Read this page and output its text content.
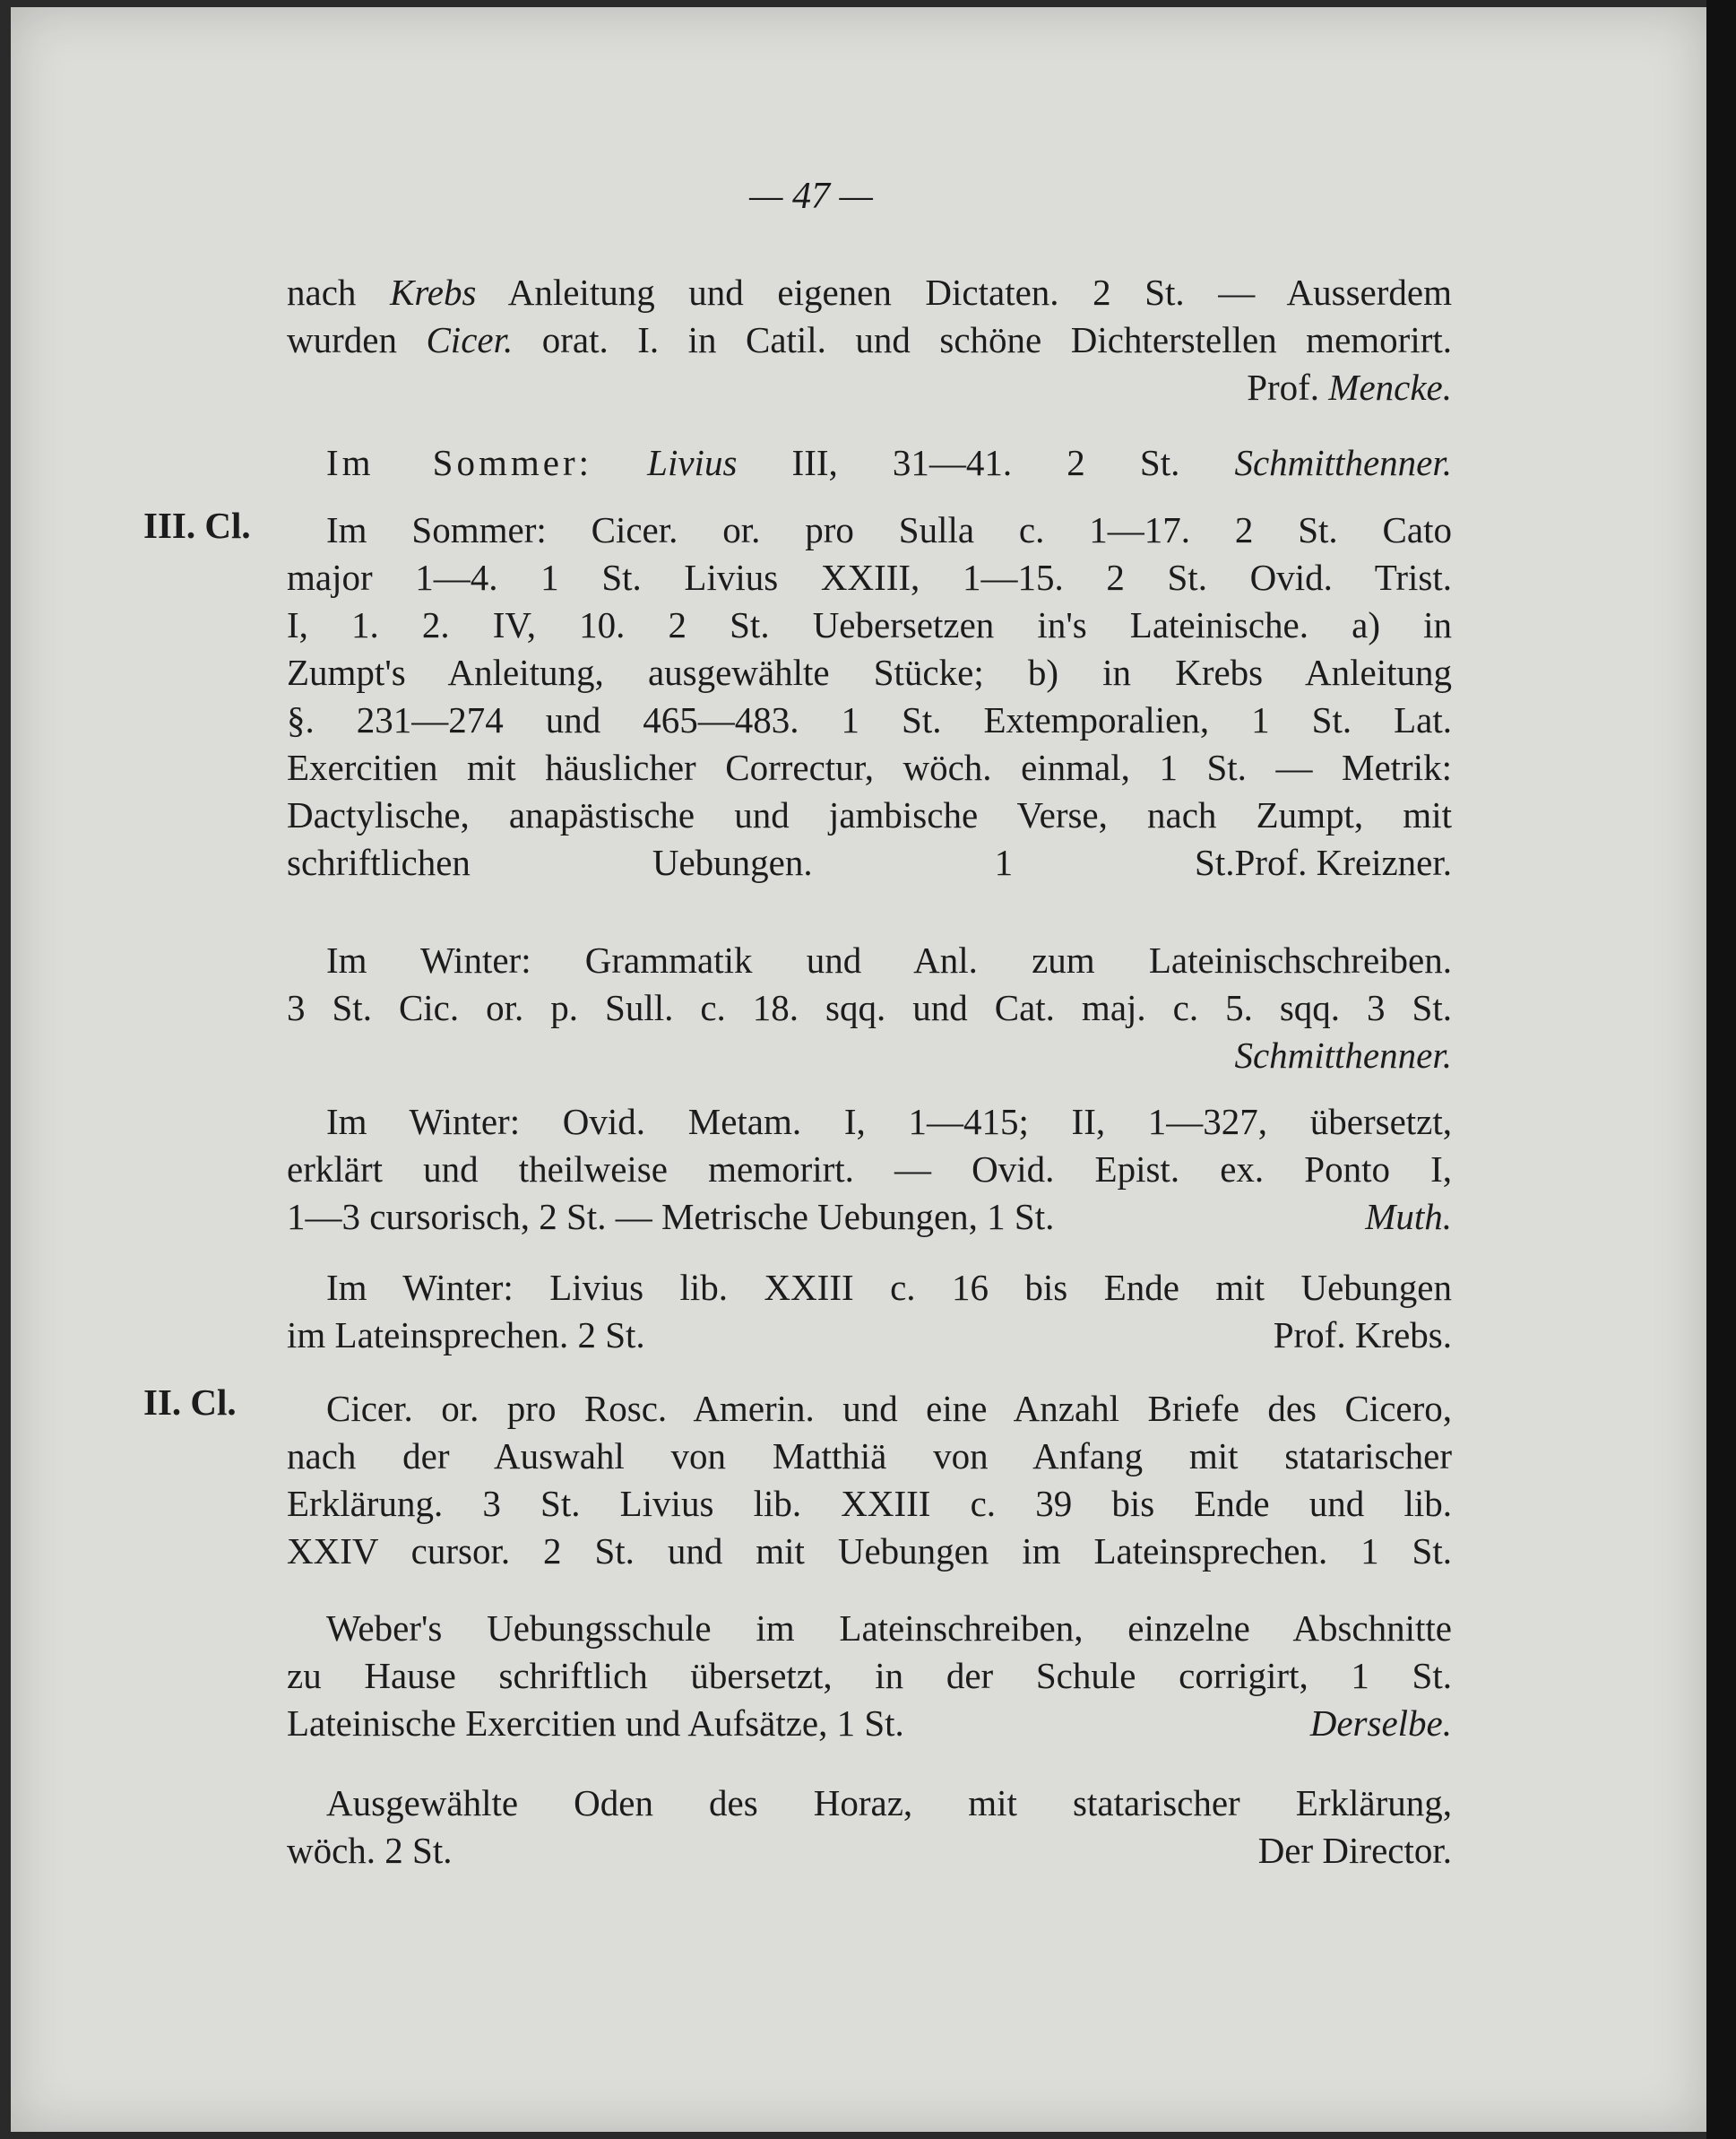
— 47 —
nach Krebs Anleitung und eigenen Dictaten. 2 St. — Ausserdem
wurden Cicer. orat. I. in Catil. und schöne Dichterstellen memorirt.
Prof. Mencke.
Im Sommer: Livius III, 31—41. 2 St. Schmitthenner.
III. Cl.	Im Sommer: Cicer. or. pro Sulla c. 1—17. 2 St. Cato
major 1—4. 1 St. Livius XXIII, 1—15. 2 St. Ovid. Trist.
I, 1. 2. IV, 10. 2 St. Uebersetzen in's Lateinische. a) in
Zumpt's Anleitung, ausgewählte Stücke; b) in Krebs Anleitung
§. 231—274 und 465—483. 1 St. Extemporalien, 1 St. Lat.
Exercitien mit häuslicher Correctur, wöch. einmal, 1 St. — Metrik:
Dactylische, anapästische und jambische Verse, nach Zumpt, mit
schriftlichen Uebungen. 1 St. Prof. Kreizner.
Im Winter: Grammatik und Anl. zum Lateinischschreiben.
3 St. Cic. or. p. Sull. c. 18. sqq. und Cat. maj. c. 5. sqq. 3 St.
Schmitthenner.
Im Winter: Ovid. Metam. I, 1—415; II, 1—327, übersetzt,
erklärt und theilweise memorirt. — Ovid. Epist. ex. Ponto I,
1—3 cursorisch, 2 St. — Metrische Uebungen, 1 St.	Muth.
Im Winter: Livius lib. XXIII c. 16 bis Ende mit Uebungen
im Lateinsprechen. 2 St.	Prof. Krebs.
II. Cl.	Cicer. or. pro Rosc. Amerin. und eine Anzahl Briefe des Cicero,
nach der Auswahl von Matthiä von Anfang mit statarischer
Erklärung. 3 St. Livius lib. XXIII c. 39 bis Ende und lib.
XXIV cursor. 2 St. und mit Uebungen im Lateinsprechen. 1 St.
Weber's Uebungsschule im Lateinschreiben, einzelne Abschnitte
zu Hause schriftlich übersetzt, in der Schule corrigirt, 1 St.
Lateinische Exercitien und Aufsätze, 1 St.	Derselbe.
Ausgewählte Oden des Horaz, mit statarischer Erklärung,
wöch. 2 St.	Der Director.
